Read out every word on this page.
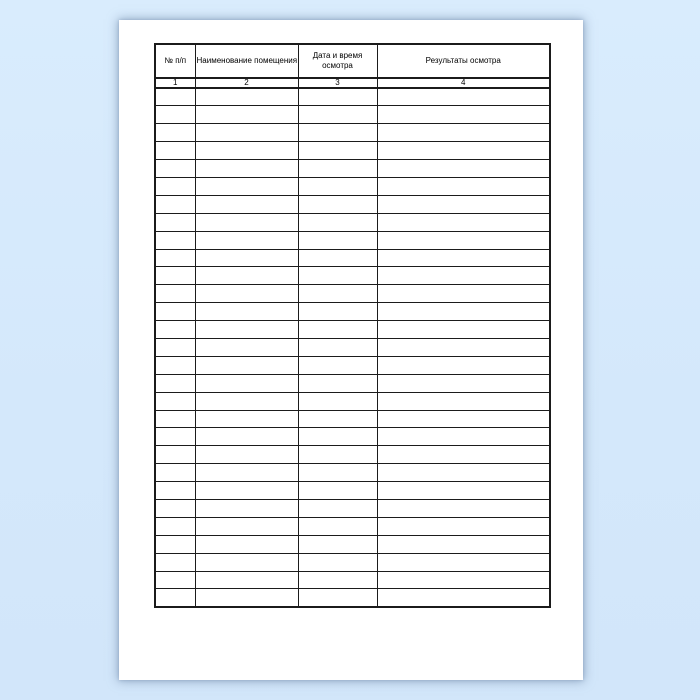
№ п/п	Наименование помещения	Дата и время осмотра	Результаты осмотра
1	2	3	4
